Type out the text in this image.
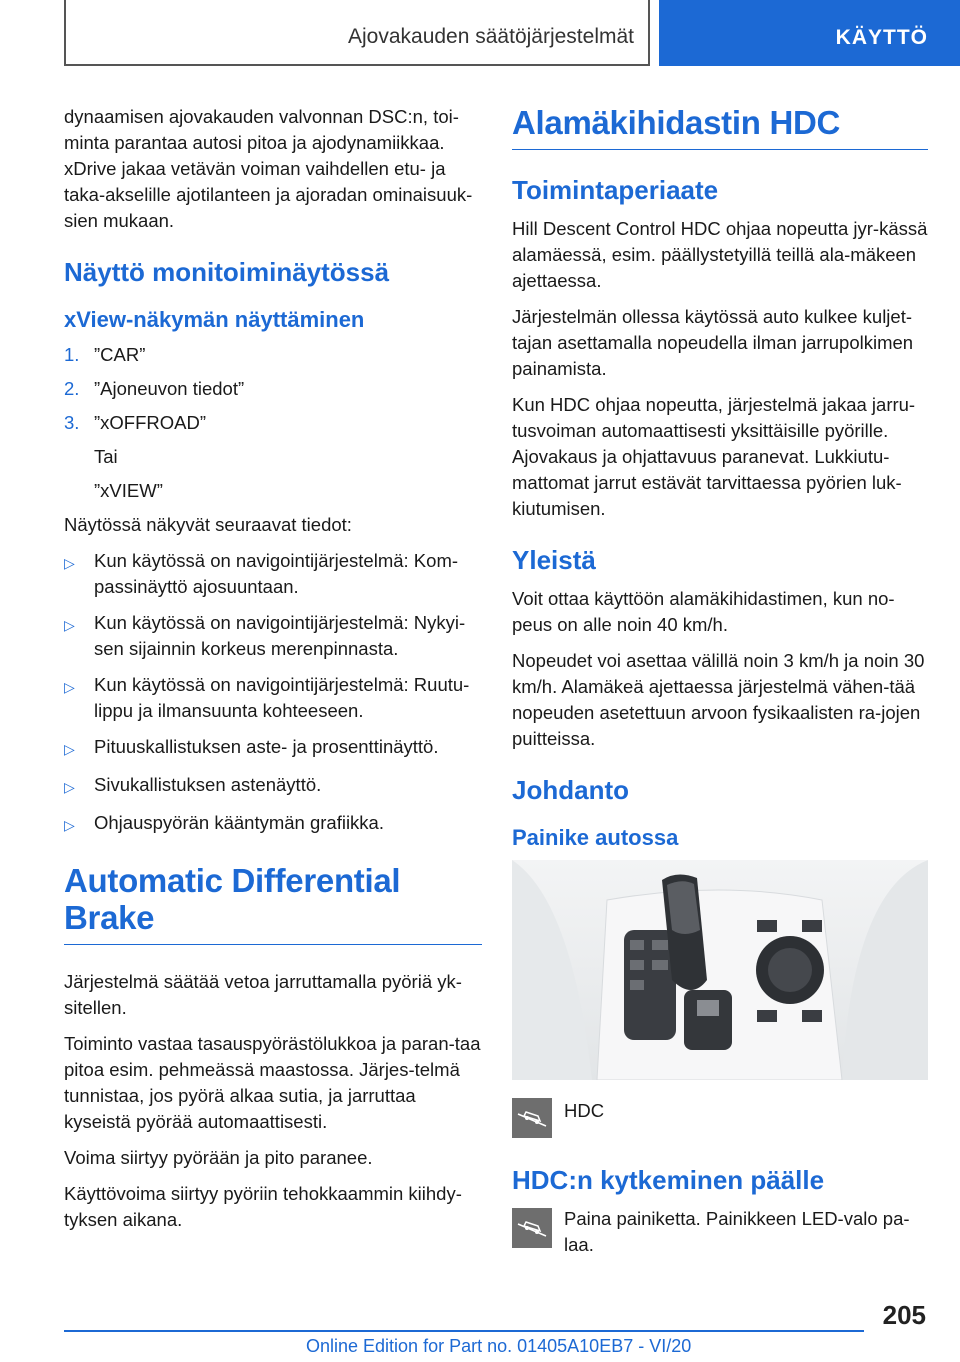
Ajovakauden säätöjärjestelmät	KÄYTTÖ

dynaamisen ajovakauden valvonnan DSC:n, toi-minta parantaa autosi pitoa ja ajodynamiikkaa. xDrive jakaa vetävän voiman vaihdellen etu- ja taka-akselille ajotilanteen ja ajoradan ominaisuuk-sien mukaan.

Näyttö monitoiminäytössä
xView-näkymän näyttäminen
1. ”CAR”
2. ”Ajoneuvon tiedot”
3. ”xOFFROAD”
Tai
”xVIEW”

Näytössä näkyvät seuraavat tiedot:

▷	Kun käytössä on navigointijärjestelmä: Kom-passinäyttö ajosuuntaan.
▷	Kun käytössä on navigointijärjestelmä: Nykyi-sen sijainnin korkeus merenpinnasta.
▷	Kun käytössä on navigointijärjestelmä: Ruutu-lippu ja ilmansuunta kohteeseen.
▷	Pituuskallistuksen aste- ja prosenttinäyttö.
▷	Sivukallistuksen astenäyttö.
▷	Ohjauspyörän kääntymän grafiikka.
Automatic Differential Brake

Järjestelmä säätää vetoa jarruttamalla pyöriä yk-sitellen.

Toiminto vastaa tasauspyörästölukkoa ja paran-taa pitoa esim. pehmeässä maastossa. Järjes-telmä tunnistaa, jos pyörä alkaa sutia, ja jarruttaa kyseistä pyörää automaattisesti.

Voima siirtyy pyörään ja pito paranee.

Käyttövoima siirtyy pyöriin tehokkaammin kiihdy-tyksen aikana.

Alamäkihidastin HDC
Toimintaperiaate

Hill Descent Control HDC ohjaa nopeutta jyr-kässä alamäessä, esim. päällystetyillä teillä ala-mäkeen ajettaessa.

Järjestelmän ollessa käytössä auto kulkee kuljet-tajan asettamalla nopeudella ilman jarrupolkimen painamista.

Kun HDC ohjaa nopeutta, järjestelmä jakaa jarru-tusvoiman automaattisesti yksittäisille pyörille. Ajovakaus ja ohjattavuus paranevat. Lukkiutu-mattomat jarrut estävät tarvittaessa pyörien luk-kiutumisen.

Yleistä

Voit ottaa käyttöön alamäkihidastimen, kun no-peus on alle noin 40 km/h.

Nopeudet voi asettaa välillä noin 3 km/h ja noin 30 km/h. Alamäkeä ajettaessa järjestelmä vähen-tää nopeuden asetettuun arvoon fysikaalisten ra-jojen puitteissa.

Johdanto
Painike autossa
HDC
HDC:n kytkeminen päälle
Paina painiketta. Painikkeen LED-valo pa-laa.
205
Online Edition for Part no. 01405A10EB7 - VI/20
